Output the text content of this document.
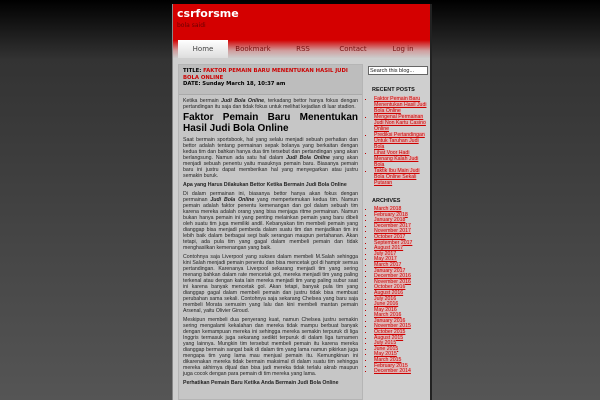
csrforsme
bola saidi
Home	Bookmark	RSS	Contact	Log in
TITLE: FAKTOR PEMAIN BARU MENENTUKAN HASIL JUDI BOLA ONLINE
DATE: Sunday March 18, 10:37 am

Ketika bermain Judi Bola Online, terkadang bettor hanya fokus dengan pertandingan itu saja dan tidak fokus untuk melihat kejadian di luar stadion.

Faktor Pemain Baru Menentukan Hasil Judi Bola Online

Saat bermain sportsbook, hal yang selalu menjadi sebuah perhatian dan bettor adalah tentang permainan sepak bolanya yang berkaitan dengan kedua tim dan bahkan hanya dua tim tersebut dan pertandingan yang akan berlangsung. Namun ada satu hal dalam Judi Bola Online yang akan menjadi sebuah penentu yaitu masuknya pemain baru. Biasanya pemain baru ini justru dapat memberikan hal yang menyegarkan atau justru semakin buruk.

Apa yang Harus Dilakukan Bettor Ketika Bermain Judi Bola Online

Di dalam permainan ini, biasanya bettor hanya akan fokus dengan permainan Judi Bola Online yang mempertemukan kedua tim. Namun pemain adalah faktor penentu kemenangan dan gol dalam sebuah tim karena mereka adalah orang yang bisa menjaga ritme permainan. Namun bukan hanya pemain ini yang penting melainkan pemain yang baru dibeli oleh suatu tim juga memiliki andil. Kebanyakan tim membeli pemain yang dianggap bisa menjadi pembeda dalam suatu tim dan menjadikan tim ini lebih baik dalam berbagai segi baik serangan maupun pertahanan. Akan tetapi, ada pula tim yang gagal dalam membeli pemain dan tidak menghasilkan kemenangan yang baik.

Contohnya saja Liverpool yang sukses dalam membeli M.Salah sehingga kini Salah menjadi pemain penentu dan bisa mencetak gol di hampir semua pertandingan. Karenanya Liverpool sekarang menjadi tim yang sering menang bahkan dalam rate mencetak gol, mereka menjadi tim yang paling terkenal atau dengan kata lain mereka menjadi tim yang paling subur saat ini karena banyak mencetak gol. Akan tetapi, banyak pula tim yang dianggap gagal dalam membeli pemain dan justru tidak bisa membuat perubahan sama sekali. Contohnya saja sekarang Chelsea yang baru saja membeli Morata semusim yang lalu dan kini membeli mantan pemain Arsenal, yaitu Olivier Giroud.

Meskipun membeli dua penyerang kuat, namun Chelsea justru semakin sering mengalami kekalahan dan mereka tidak mampu berbuat banyak dengan kemampuan mereka ini sehingga mereka semakin terpuruk di liga Inggris termasuk juga sekarang sedikit terpuruk di dalam liga turnamen yang lainnya. Mungkin tim tersebut membeli pemain itu karena mereka dianggap bermain sangat baik di dalam tim yang lama namun pikirkan juga mengapa tim yang lama mau menjual pemain itu. Kemungkinan ini dikarenakan mereka tidak bermain maksimal di dalam suatu tim sehingga mereka akhirnya dijual dan bisa jadi mereka tidak terlalu akrab maupun juga cocok dengan para pemain di tim mereka yang lama.

Perhatikan Pemain Baru Ketika Anda Bermain Judi Bola Online
Search this blog...
RECENT POSTS
▪ Faktor Pemain Baru Menentukan Hasil Judi Bola Online
▪ Mengenal Permainan Judi Non Kartu Casino Online
▪ Prediksi Pertandingan Untuk Taruhan Judi Bola
▪ Lihat Voor Hadi Menang Kalah Judi Bola
▪ Taktik Ibu Main Judi Bola Online Sekali Putaran
ARCHIVES
▪ March 2018
▪ February 2018
▪ January 2018
▪ December 2017
▪ November 2017
▪ October 2017
▪ September 2017
▪ August 2017
▪ July 2017
▪ May 2017
▪ March 2017
▪ January 2017
▪ December 2016
▪ November 2016
▪ October 2016
▪ August 2016
▪ July 2016
▪ June 2016
▪ May 2016
▪ March 2016
▪ January 2016
▪ November 2015
▪ October 2015
▪ August 2015
▪ July 2015
▪ June 2015
▪ May 2015
▪ March 2015
▪ February 2015
▪ December 2014
